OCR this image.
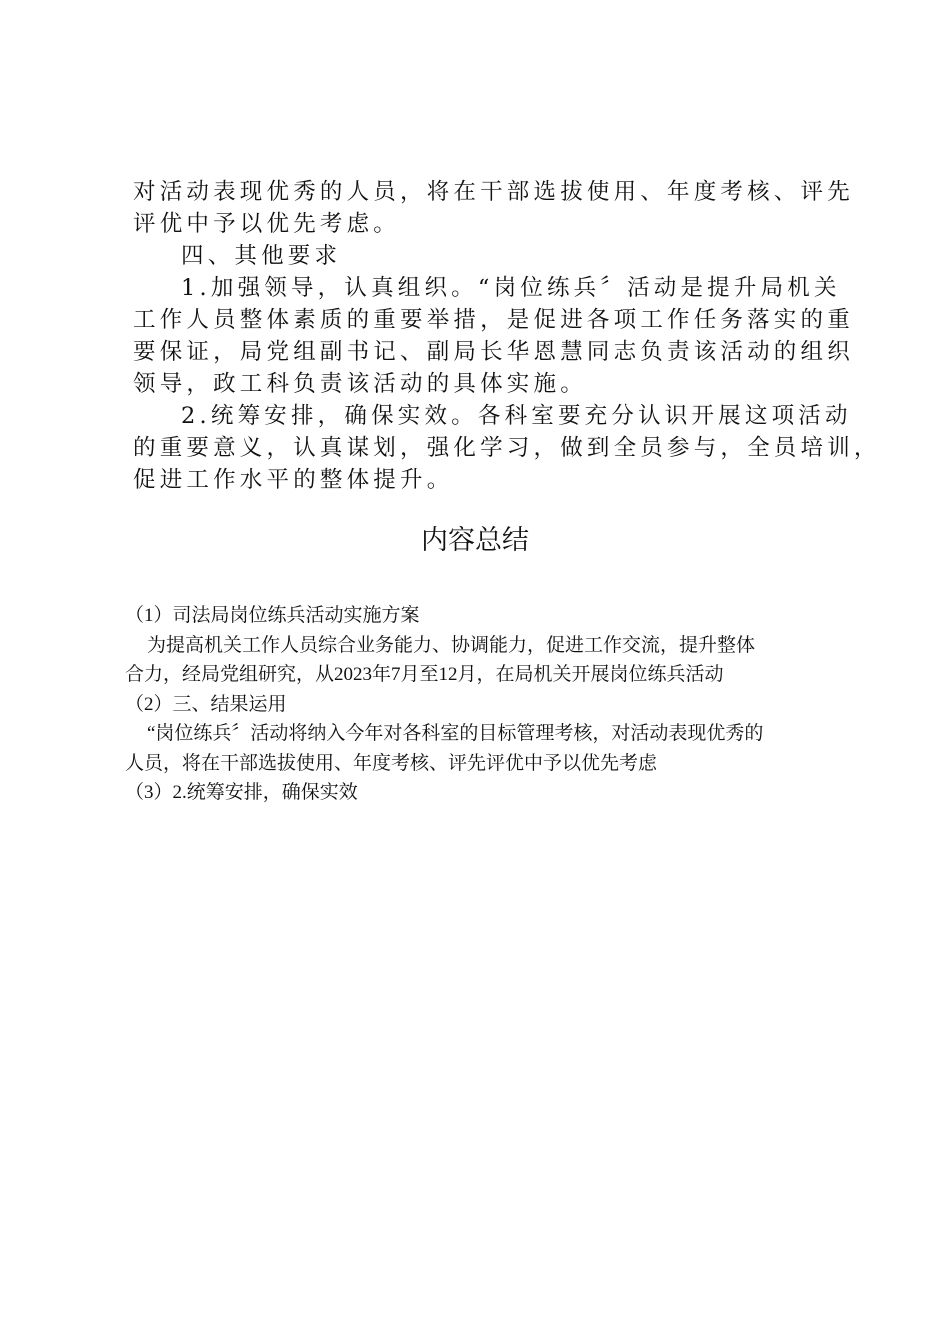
对活动表现优秀的人员，将在干部选拔使用、年度考核、评先

评优中予以优先考虑。

四、其他要求

1.加强领导，认真组织。“岗位练兵〞活动是提升局机关

工作人员整体素质的重要举措，是促进各项工作任务落实的重

要保证，局党组副书记、副局长华恩慧同志负责该活动的组织

领导，政工科负责该活动的具体实施。

2.统筹安排，确保实效。各科室要充分认识开展这项活动

的重要意义，认真谋划，强化学习，做到全员参与，全员培训，

促进工作水平的整体提升。

内容总结

（1）司法局岗位练兵活动实施方案

为提高机关工作人员综合业务能力、协调能力，促进工作交流，提升整体

合力，经局党组研究，从2023年7月至12月，在局机关开展岗位练兵活动

（2）三、结果运用

“岗位练兵〞活动将纳入今年对各科室的目标管理考核，对活动表现优秀的

人员，将在干部选拔使用、年度考核、评先评优中予以优先考虑

（3）2.统筹安排，确保实效
